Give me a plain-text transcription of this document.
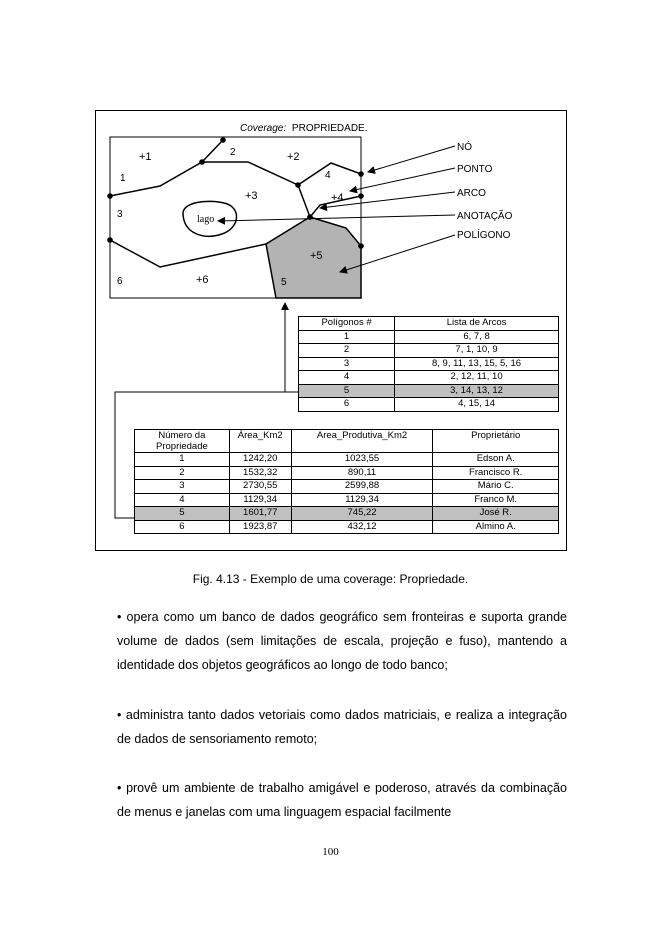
1
2
3
4
5
6
+1	+2
+3	+4
+5
+6
lago
Coverage: PROPRIEDADE.
NÓ
PONTO
ARCO
ANOTAÇÃO
POLÍGONO
Polígonos #	Lista de Arcos
1	6, 7, 8
2	7, 1, 10, 9
3	8, 9, 11, 13, 15, 5, 16
4	2, 12, 11, 10
5	3, 14, 13, 12
6	4, 15, 14
Número da Propriedade	Área_Km2	Area_Produtiva_Km2	Proprietário
1	1242,20	1023,55	Edson A.
2	1532,32	890,11	Francisco R.
3	2730,55	2599,88	Mário C.
4	1129,34	1129,34	Franco M.
5	1601,77	745,22	José R.
6	1923,87	432,12	Almino A.
Fig. 4.13 - Exemplo de uma coverage: Propriedade.

• opera como um banco de dados geográfico sem fronteiras e suporta grande volume de dados (sem limitações de escala, projeção e fuso), mantendo a identidade dos objetos geográficos ao longo de todo banco;

• administra tanto dados vetoriais como dados matriciais, e realiza a integração de dados de sensoriamento remoto;

• provê um ambiente de trabalho amigável e poderoso, através da combinação de menus e janelas com uma linguagem espacial facilmente

100
